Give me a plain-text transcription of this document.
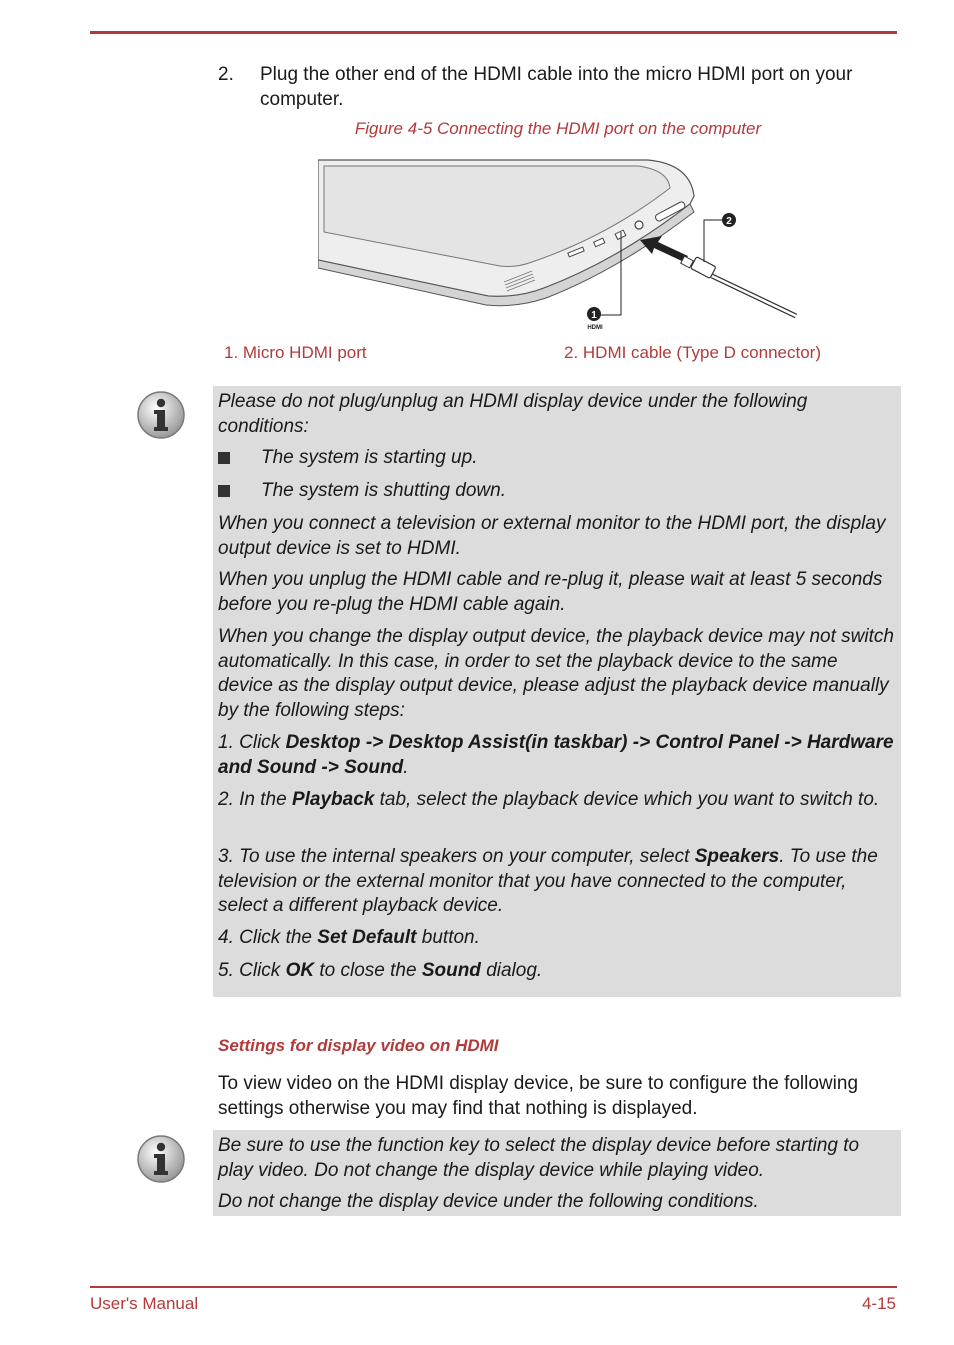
2. Plug the other end of the HDMI cable into the micro HDMI port on your computer.
Figure 4-5 Connecting the HDMI port on the computer
1
HDMI
2
1. Micro HDMI port	2. HDMI cable (Type D connector)

Please do not plug/unplug an HDMI display device under the following conditions:

The system is starting up.
The system is shutting down.

When you connect a television or external monitor to the HDMI port, the display output device is set to HDMI.

When you unplug the HDMI cable and re-plug it, please wait at least 5 seconds before you re-plug the HDMI cable again.

When you change the display output device, the playback device may not switch automatically. In this case, in order to set the playback device to the same device as the display output device, please adjust the playback device manually by the following steps:

1. Click Desktop -> Desktop Assist(in taskbar) -> Control Panel -> Hardware and Sound -> Sound.

2. In the Playback tab, select the playback device which you want to switch to.

3. To use the internal speakers on your computer, select Speakers. To use the television or the external monitor that you have connected to the computer, select a different playback device.

4. Click the Set Default button.

5. Click OK to close the Sound dialog.

Settings for display video on HDMI
To view video on the HDMI display device, be sure to configure the following settings otherwise you may find that nothing is displayed.

Be sure to use the function key to select the display device before starting to play video. Do not change the display device while playing video.

Do not change the display device under the following conditions.

User's Manual	4-15
